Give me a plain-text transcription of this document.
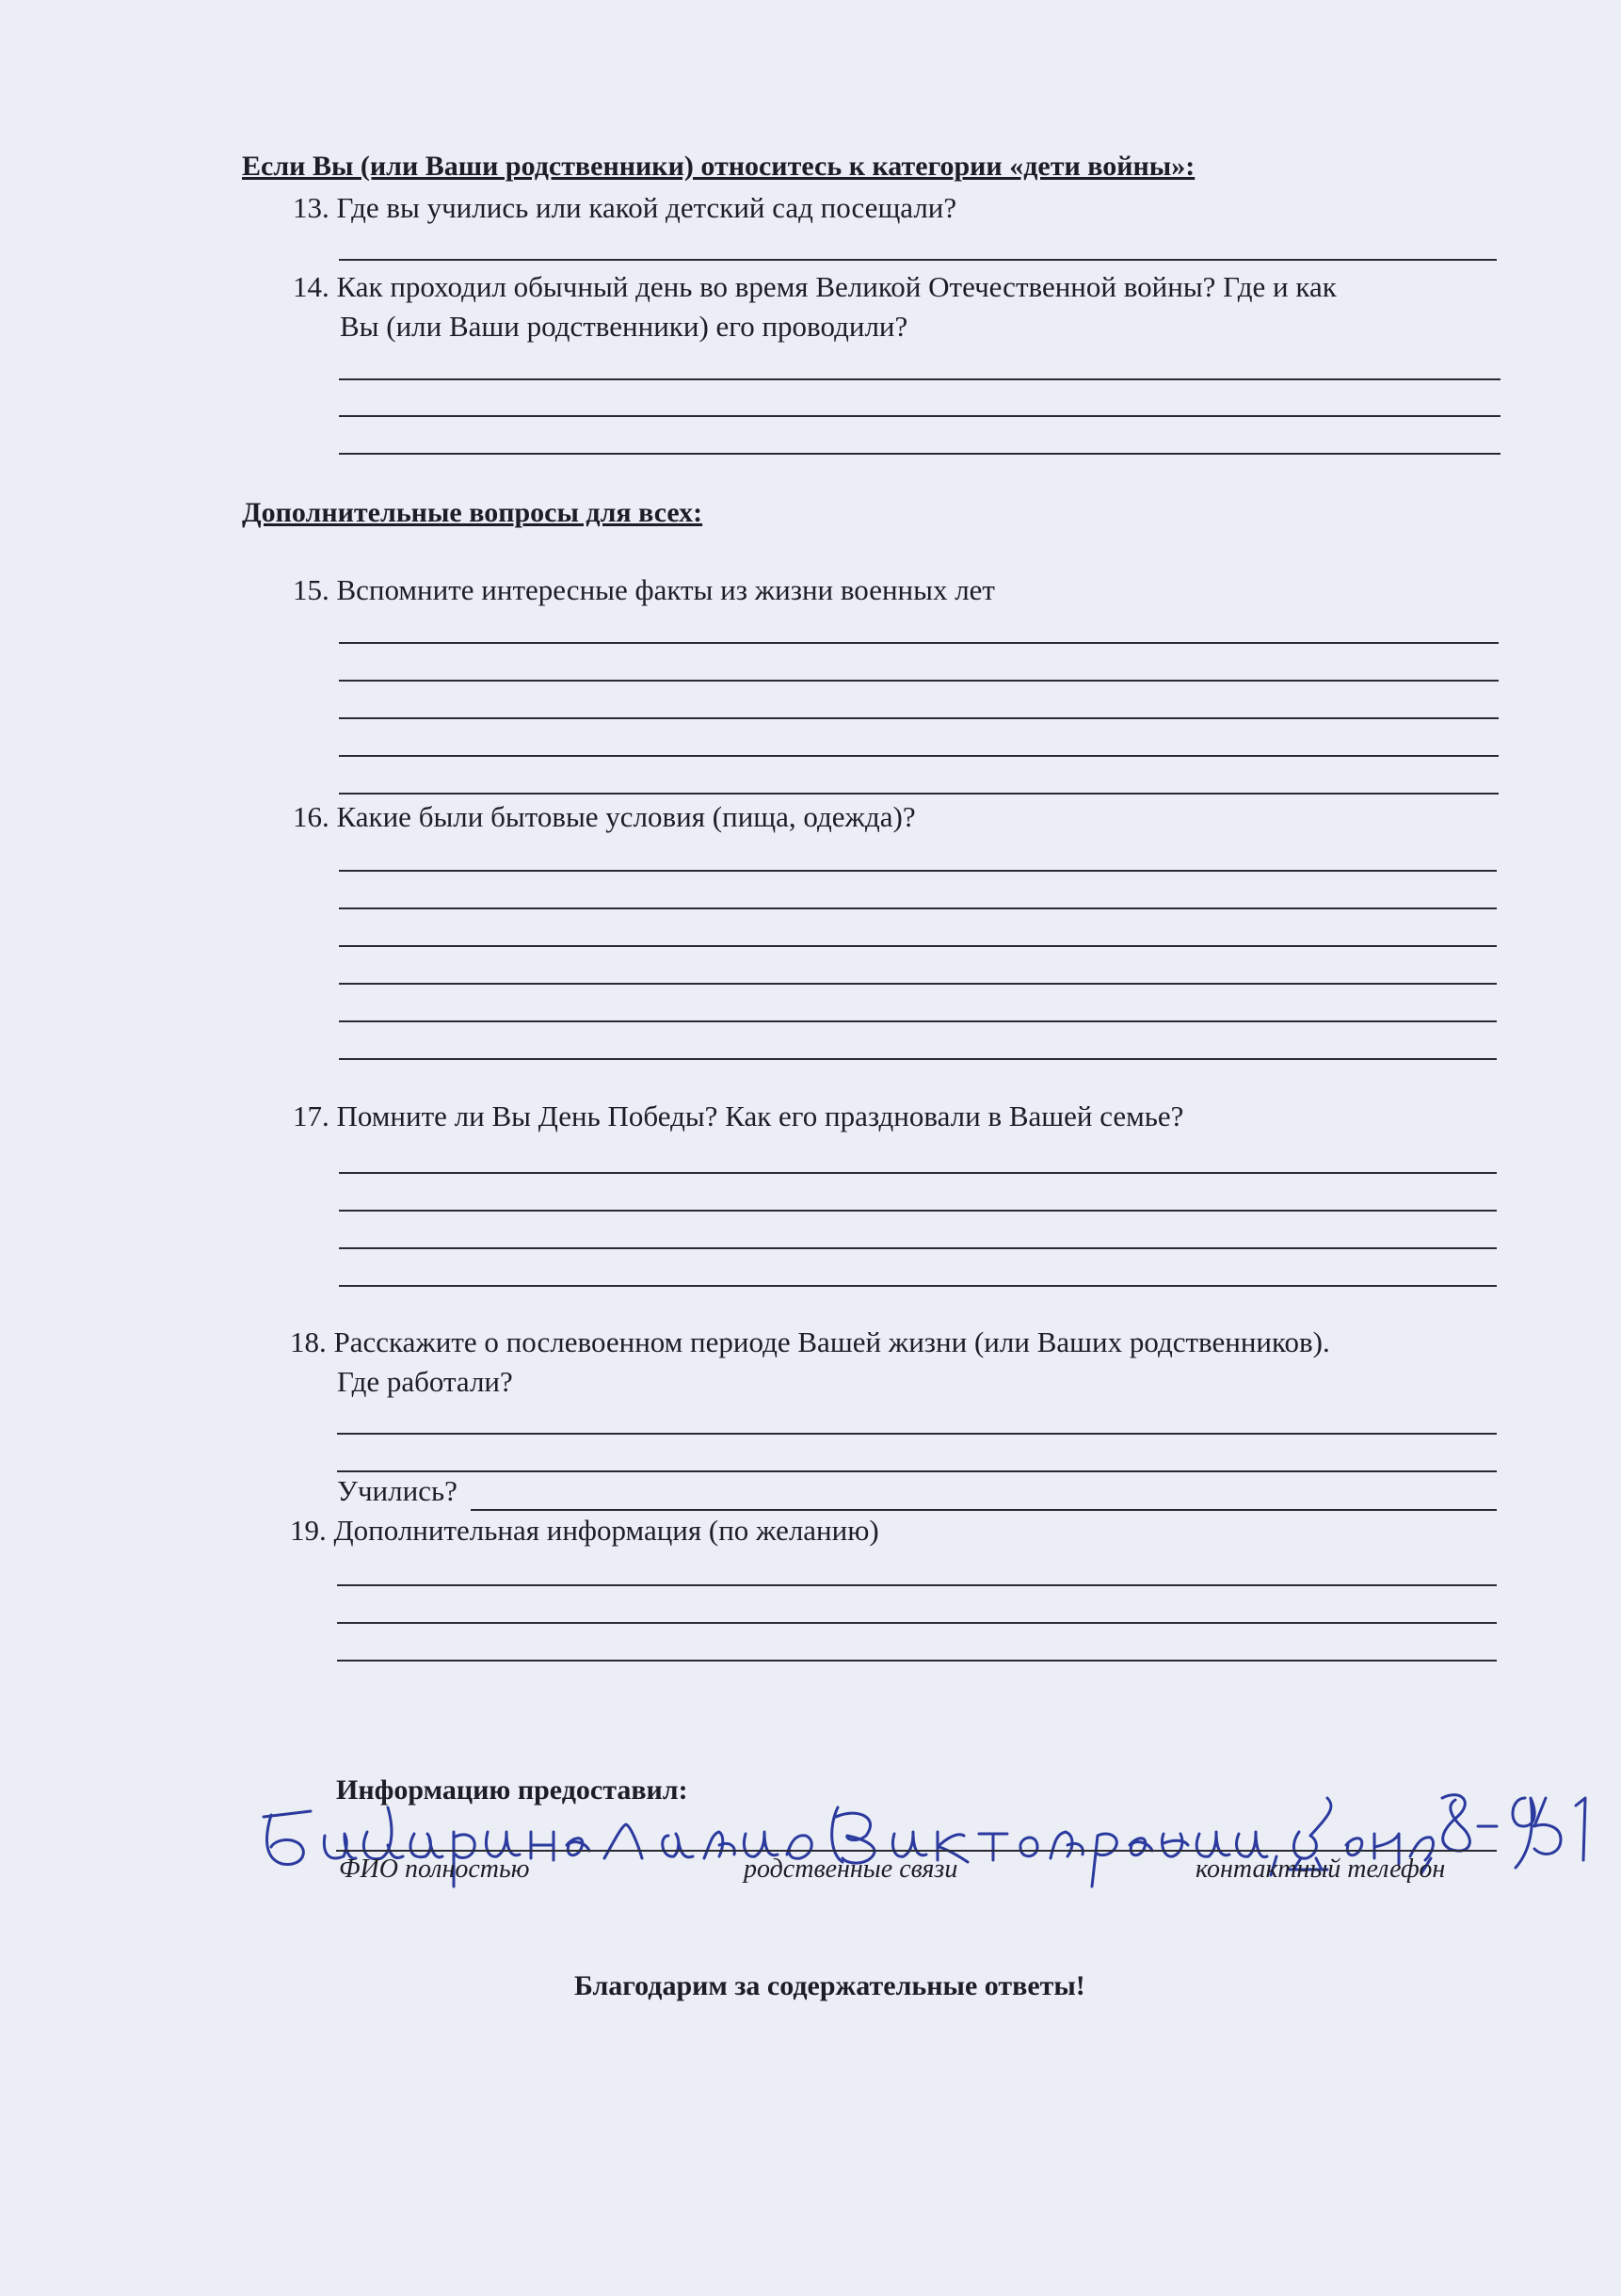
Если Вы (или Ваши родственники) относитесь к категории «дети войны»:
13. Где вы учились или какой детский сад посещали?
14. Как проходил обычный день во время Великой Отечественной войны? Где и как
Вы (или Ваши родственники) его проводили?
Дополнительные вопросы для всех:
15. Вспомните интересные факты из жизни военных лет
16. Какие были бытовые условия (пища, одежда)?
17. Помните ли Вы День Победы? Как его праздновали в Вашей семье?
18. Расскажите о послевоенном периоде Вашей жизни (или Ваших родственников).
Где работали?
Учились?
19. Дополнительная информация (по желанию)
Информацию предоставил:
ФИО полностью	родственные связи	контактный телефон
Благодарим за содержательные ответы!
